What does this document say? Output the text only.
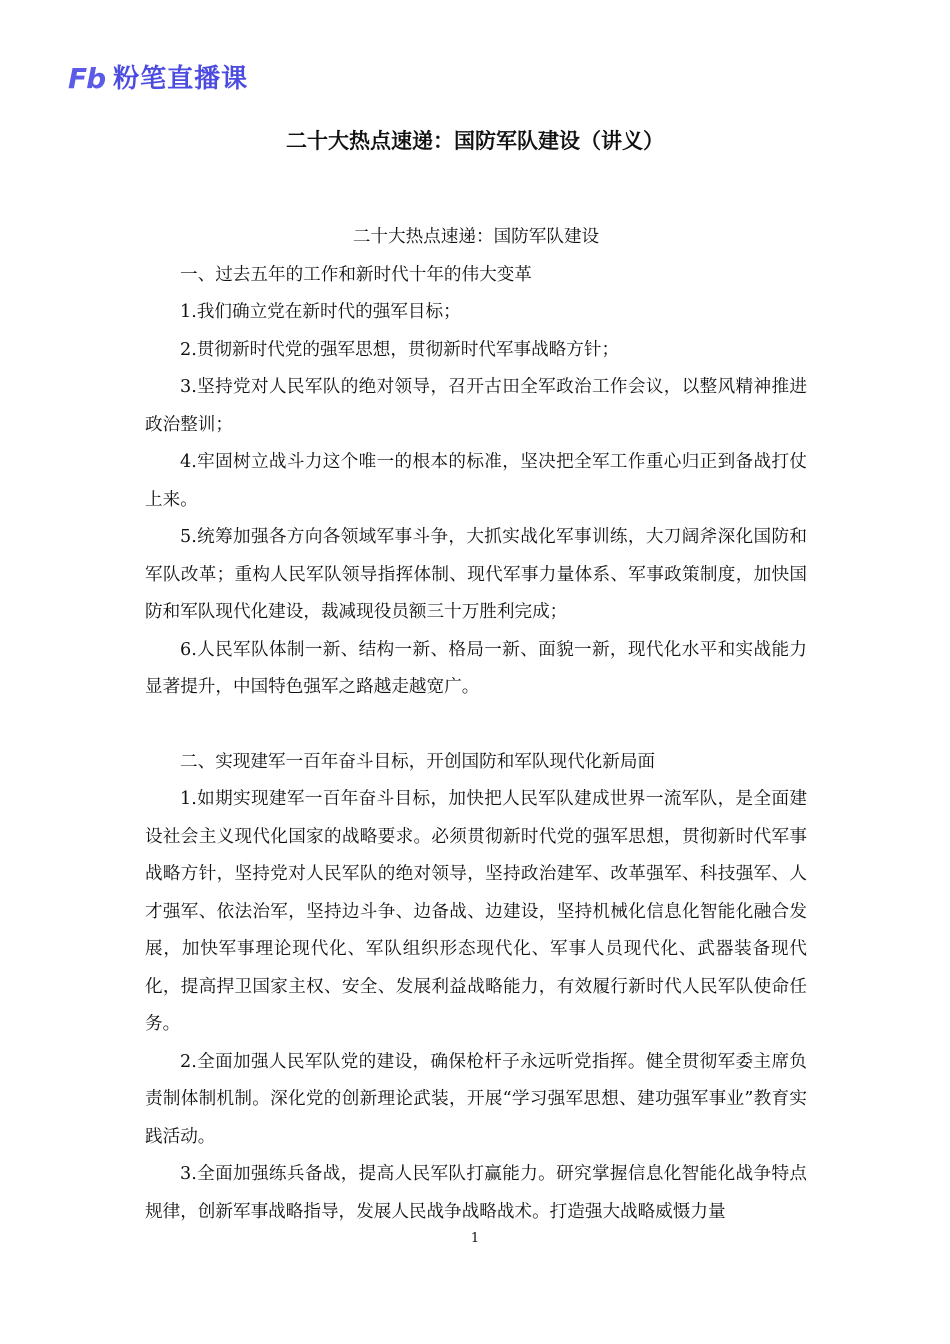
Fb 粉笔直播课
二十大热点速递：国防军队建设（讲义）

二十大热点速递：国防军队建设

一、过去五年的工作和新时代十年的伟大变革

1.我们确立党在新时代的强军目标；

2.贯彻新时代党的强军思想，贯彻新时代军事战略方针；

3.坚持党对人民军队的绝对领导，召开古田全军政治工作会议，以整风精神推进政治整训；

4.牢固树立战斗力这个唯一的根本的标准，坚决把全军工作重心归正到备战打仗上来。

5.统筹加强各方向各领域军事斗争，大抓实战化军事训练，大刀阔斧深化国防和军队改革；重构人民军队领导指挥体制、现代军事力量体系、军事政策制度，加快国防和军队现代化建设，裁减现役员额三十万胜利完成；

6.人民军队体制一新、结构一新、格局一新、面貌一新，现代化水平和实战能力显著提升，中国特色强军之路越走越宽广。

二、实现建军一百年奋斗目标，开创国防和军队现代化新局面

1.如期实现建军一百年奋斗目标，加快把人民军队建成世界一流军队，是全面建设社会主义现代化国家的战略要求。必须贯彻新时代党的强军思想，贯彻新时代军事战略方针，坚持党对人民军队的绝对领导，坚持政治建军、改革强军、科技强军、人才强军、依法治军，坚持边斗争、边备战、边建设，坚持机械化信息化智能化融合发展，加快军事理论现代化、军队组织形态现代化、军事人员现代化、武器装备现代化，提高捍卫国家主权、安全、发展利益战略能力，有效履行新时代人民军队使命任务。

2.全面加强人民军队党的建设，确保枪杆子永远听党指挥。健全贯彻军委主席负责制体制机制。深化党的创新理论武装，开展“学习强军思想、建功强军事业”教育实践活动。

3.全面加强练兵备战，提高人民军队打赢能力。研究掌握信息化智能化战争特点规律，创新军事战略指导，发展人民战争战略战术。打造强大战略威慑力量

1
